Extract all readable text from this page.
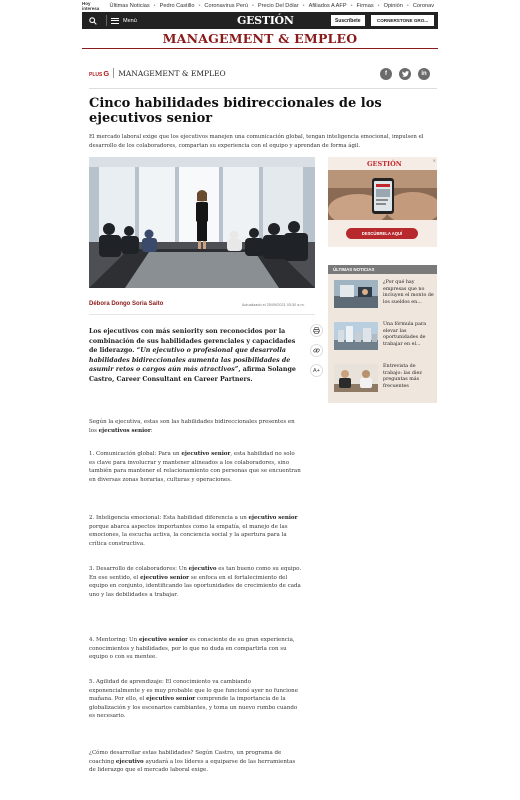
Hoy interesa Últimas Noticias • Pedro Castillo • Coronavirus Perú • Precio Del Dólar • Afiliados A AFP • Firmas • Opinión • Coronav
Menú	GESTIÓN	Suscríbete	CORNERSTONE GRO...
MANAGEMENT & EMPLEO
PLUSG MANAGEMENT & EMPLEO	f	in
Cinco habilidades bidireccionales de los ejecutivos senior

El mercado laboral exige que los ejecutivos manejen una comunicación global, tengan inteligencia emocional, impulsen el desarrollo de los colaboradores, compartan su experiencia con el equipo y aprendan de forma ágil.

Débora Dongo Soria Saito	Actualizado el 25/09/2021 03:30 a.m.
A+

Los ejecutivos con más seniority son reconocidos por la combinación de sus habilidades gerenciales y capacidades de liderazgo. “Un ejecutivo o profesional que desarrolla habilidades bidireccionales aumenta las posibilidades de asumir retos o cargos aún más atractivos”, afirma Solange Castro, Career Consultant en Career Partners.

Según la ejecutiva, estas son las habilidades bidireccionales presentes en los ejecutivos senior:

1. Comunicación global: Para un ejecutivo senior, esta habilidad no solo es clave para involucrar y mantener alineados a los colaboradores, sino también para mantener el relacionamiento con personas que se encuentran en diversas zonas horarias, culturas y operaciones.

2. Inteligencia emocional: Esta habilidad diferencia a un ejecutivo senior porque abarca aspectos importantes como la empatía, el manejo de las emociones, la escucha activa, la conciencia social y la apertura para la crítica constructiva.

3. Desarrollo de colaboradores: Un ejecutivo es tan bueno como su equipo. En ese sentido, el ejecutivo senior se enfoca en el fortalecimiento del equipo en conjunto, identificando las oportunidades de crecimiento de cada uno y las debilidades a trabajar.

4. Mentoring: Un ejecutivo senior es consciente de su gran experiencia, conocimientos y habilidades, por lo que no duda en compartirla con su equipo o con su mentee.

5. Agilidad de aprendizaje: El conocimiento va cambiando exponencialmente y es muy probable que lo que funcionó ayer no funcione mañana. Por ello, el ejecutivo senior comprende la importancia de la globalización y los escenarios cambiantes, y toma un nuevo rumbo cuando es necesario.

¿Cómo desarrollar estas habilidades? Según Castro, un programa de coaching ejecutivo ayudará a los líderes a equiparse de las herramientas de liderazgo que el mercado laboral exige.

GESTIÓN	✕
DESCÚBRELA AQUÍ
ÚLTIMAS NOTICIAS
¿Por qué hay empresas que no incluyen el monto de los sueldos en...
Una fórmula para elevar las oportunidades de trabajar en el...
Entrevista de trabajo: las diez preguntas más frecuentes
